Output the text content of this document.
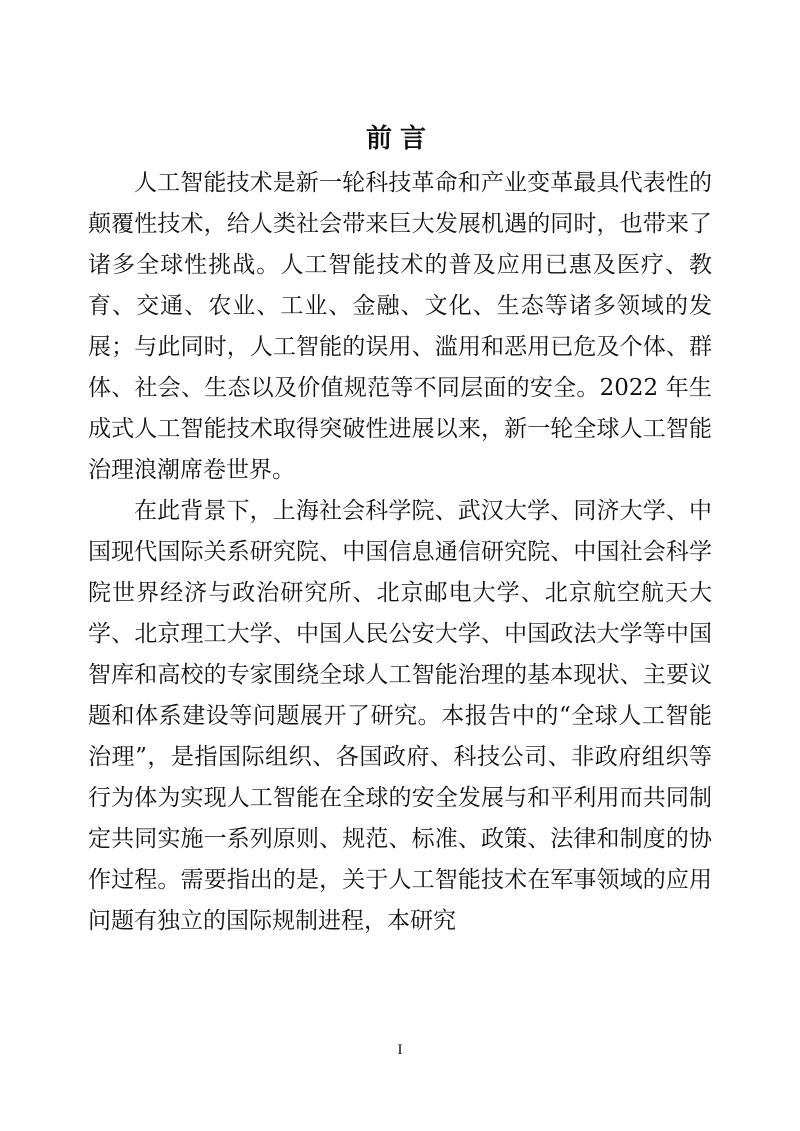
前言

人工智能技术是新一轮科技革命和产业变革最具代表性的颠覆性技术，给人类社会带来巨大发展机遇的同时，也带来了诸多全球性挑战。人工智能技术的普及应用已惠及医疗、教育、交通、农业、工业、金融、文化、生态等诸多领域的发展；与此同时，人工智能的误用、滥用和恶用已危及个体、群体、社会、生态以及价值规范等不同层面的安全。2022 年生成式人工智能技术取得突破性进展以来，新一轮全球人工智能治理浪潮席卷世界。

在此背景下，上海社会科学院、武汉大学、同济大学、中国现代国际关系研究院、中国信息通信研究院、中国社会科学院世界经济与政治研究所、北京邮电大学、北京航空航天大学、北京理工大学、中国人民公安大学、中国政法大学等中国智库和高校的专家围绕全球人工智能治理的基本现状、主要议题和体系建设等问题展开了研究。本报告中的“全球人工智能治理”，是指国际组织、各国政府、科技公司、非政府组织等行为体为实现人工智能在全球的安全发展与和平利用而共同制定共同实施一系列原则、规范、标准、政策、法律和制度的协作过程。需要指出的是，关于人工智能技术在军事领域的应用问题有独立的国际规制进程，本研究

I
